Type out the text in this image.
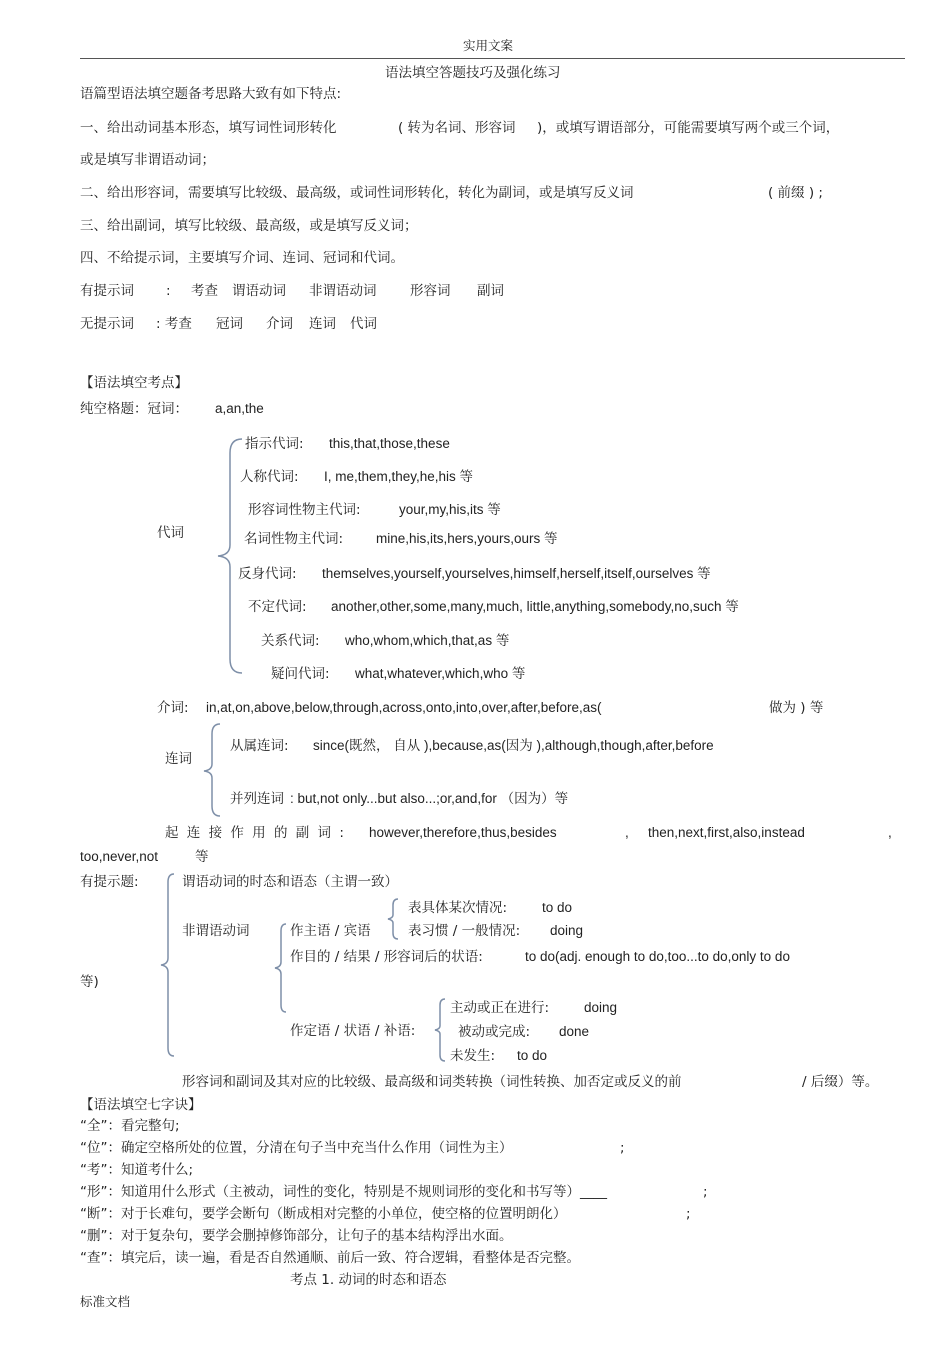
实用文案
语法填空答题技巧及强化练习
语篇型语法填空题备考思路大致有如下特点:
一、给出动词基本形态，填写词性词形转化	( 转为名词、形容词 )，或填写谓语部分，可能需要填写两个或三个词，
或是填写非谓语动词；
二、给出形容词，需要填写比较级、最高级，或词性词形转化，转化为副词，或是填写反义词	( 前缀 ) ;
三、给出副词，填写比较级、最高级，或是填写反义词；
四、不给提示词，主要填写介词、连词、冠词和代词。
有提示词 : 考查 谓语动词 非谓语动词 形容词 副词
无提示词 : 考查 冠词 介词 连词 代词
【语法填空考点】
纯空格题：冠词： a,an,the
代词
指示代词: this,that,those,these
人称代词: I, me,them,they,he,his 等
形容词性物主代词:	your,my,his,its 等
名词性物主代词: mine,his,its,hers,yours,ours 等
反身代词: themselves,yourself,yourselves,himself,herself,itself,ourselves 等
不定代词: another,other,some,many,much, little,anything,somebody,no,such 等
关系代词: who,whom,which,that,as 等
疑问代词: what,whatever,which,who 等
介词: in,at,on,above,below,through,across,onto,into,over,after,before,as(	做为 ) 等
连词
从属连词: since(既然， 自从 ),because,as(因为 ),although,though,after,before
并列连词 : but,not only...but also...;or,and,for （因为）等
起 连 接 作 用 的 副 词 : however,therefore,thus,besides	, then,next,first,also,instead	,
too,never,not	等
有提示题:	谓语动词的时态和语态（主谓一致）
非谓语动词	作主语 / 宾语
表具体某次情况:	to do
表习惯 / 一般情况: doing
作目的 / 结果 / 形容词后的状语:	to do(adj. enough to do,too...to do,only to do
等)
作定语 / 状语 / 补语:
主动或正在进行:	doing
被动或完成: done
未发生: to do
形容词和副词及其对应的比较级、最高级和词类转换（词性转换、加否定或反义的前	/ 后缀）等。
【语法填空七字诀】
“全”：看完整句;
“位”：确定空格所处的位置，分清在句子当中充当什么作用（词性为主）	;
“考”：知道考什么;
“形”：知道用什么形式（主被动，词性的变化，特别是不规则词形的变化和书写等）____	;
“断”：对于长难句，要学会断句（断成相对完整的小单位，使空格的位置明朗化）	;
“删”：对于复杂句，要学会删掉修饰部分，让句子的基本结构浮出水面。
“查”：填完后，读一遍，看是否自然通顺、前后一致、符合逻辑，看整体是否完整。
考点 1. 动词的时态和语态
标准文档
